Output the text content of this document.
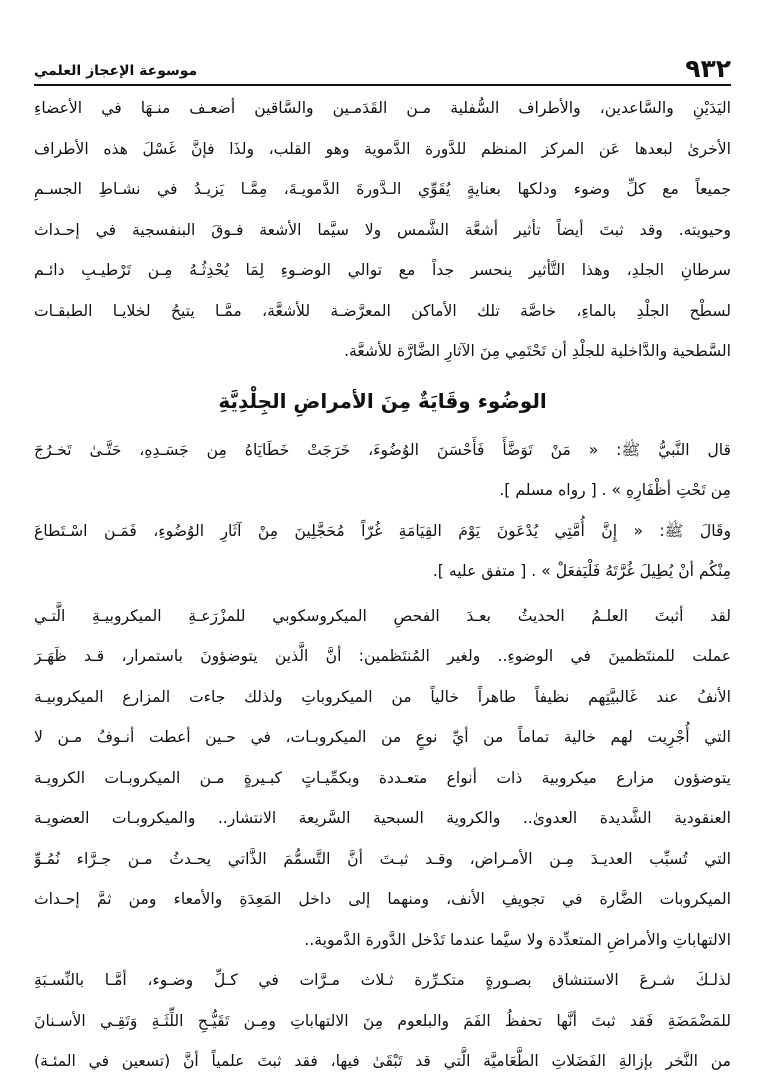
٩٣٢
موسوعة الإعجاز العلمي
اليَدَيْنِ والسَّاعدين، والأطراف السُّفلية مـن القَدَمـين والسَّاقين أضعـف منـهَا في الأعضاءِ
الأخرىٰ لبعدها عَن المركز المنظم للدَّورة الدَّموية وهو القلب، ولذَا فإنَّ غَسْلَ هذه الأطراف
جميعاً مع كلِّ وضوء ودلكها بعنايةٍ يُقَوِّي الـدَّورةَ الدَّمويـةَ، مِمَّـا يَزيـدُ في نشـاطِ الجسـمِ
وحيويته. وقد ثبتَ أيضاً تأثير أشعَّة الشَّمس ولا سيَّما الأشعة فـوقَ البنفسجية في إحـداث
سرطانِ الجلدِ، وهذا التَّأثير ينحسر جداً مع توالي الوضـوءِ لِمَا يُحْدِثُـهُ مِـن تَرْطيـبِ دائـم
لسطْح الجلْدِ بالماءِ، خاصَّة تلك الأماكن المعرَّضـة للأشعَّة، ممَّـا يتيحُ لخلايـا الطبقـات
السَّطحية والدَّاخلية للجلْدِ أن تَحْتَمِي مِنَ الآثارِ الضَّارَّة للأشعَّة.
الوضُوء وقَايَةٌ مِنَ الأمراضِ الجِلْدِيَّةِ
قال النَّبيُّ ﷺ: « مَنْ تَوَضَّأَ فَأَحْسَنَ الوُضُوءَ، خَرَجَتْ خَطَايَاهُ مِن جَسَـدِهِ، حَتَّـىٰ تَخـرُجَ
مِن تَحْتِ أظْفَارِهِ » . [ رواه مسلم ].
وقَالَ ﷺ: « إِنَّ أُمَّتِي يُدْعَونَ يَوْمَ القِيَامَةِ غُرّاً مُحَجَّلِينَ مِنْ آثَارِ الوُضُوءِ، فَمَـن اسْـتَطاعَ
مِنْكُم أنْ يُطِيلَ غُرَّتَهُ فَلْيَفعَلْ » . [ متفق عليه ].
لقد أثبتَ العلـمُ الحديثُ بعـدَ الفحصِ الميكروسكوبي للمزْرَعـةِ الميكروبيـةِ الَّتـي
عملت للمنتَظمينَ في الوضوءِ.. ولغير المُنتَظمين: أنَّ الَّذين يتوضؤونَ باستمرار، قـد ظَهَـرَ
الأنفُ عند غَالبيَّتِهم نظيفاً طاهراً خالياً من الميكروباتِ ولذلك جاءت المزارع الميكروبيـة
التي أُجْرِيت لهم خالية تماماً من أيِّ نوعٍ من الميكروبـات، في حـين أعطت أنـوفُ مـن لا
يتوضؤون مزارع ميكروبية ذات أنواع متعـددة وبكمِّيـاتٍ كبـيرةٍ مـن الميكروبـات الكرويـة
العنقودية الشَّديدة العدوىٰ.. والكروية السبحية السَّريعة الانتشار.. والميكروبـات العضويـة
التي تُسبِّب العديـدَ مِـن الأمـراض، وقـد ثبـتَ أنَّ التَّسمُّمَ الذَّاتي يحـدثُ مـن جـرَّاء نُمُـوِّ
الميكروبات الضَّارة في تجويفِ الأنف، ومنهما إلى داخل المَعِدَةِ والأمعاء ومن ثمَّ إحـداث
الالتهاباتِ والأمراضِ المتعدِّدة ولا سيَّما عندما تَدْخل الدَّورة الدَّموية..
لذلـكَ شـرعَ الاستنشاق بصـورةٍ متكـرِّرة ثـلاث مـرَّات في كـلِّ وضـوء، أمَّـا بالنِّسـبَةِ
للمَضْمَضَةِ فَقد ثبتَ أنَّها تحفظُ الفَمَ والبلعوم مِنَ الالتهاباتِ ومِـن تَقَيُّـحِ اللِّثَـةِ وَتَقِـي الأسـنانَ
من النَّخر بإزالةِ الفَضَلاتِ الطَّعَاميَّة الَّتي قد تَبْقَىٰ فيها، فقد ثبتَ علمياً أنَّ (تسعين في المئـة)
